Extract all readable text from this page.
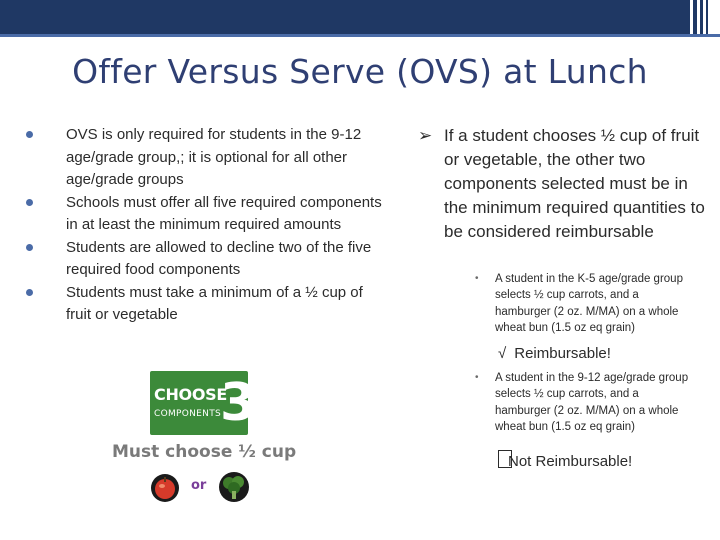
Offer Versus Serve (OVS) at Lunch

OVS is only required for students in the 9-12 age/grade group,; it is optional for all other age/grade groups

Schools must offer all five required components in at least the minimum required amounts

Students are allowed to decline two of the five required food components

Students must take a minimum of a ½ cup of fruit or vegetable

CHOOSE
COMPONENTS
3
Must choose ½ cup
or
➢ If a student chooses ½ cup of fruit or vegetable, the other two components selected must be in the minimum required quantities to be considered reimbursable
• A student in the K-5 age/grade group selects ½ cup carrots, and a hamburger (2 oz. M/MA) on a whole wheat bun (1.5 oz eq grain)
√ Reimbursable!
• A student in the 9-12 age/grade group selects ½ cup carrots, and a hamburger (2 oz. M/MA) on a whole wheat bun (1.5 oz eq grain)
Not Reimbursable!
